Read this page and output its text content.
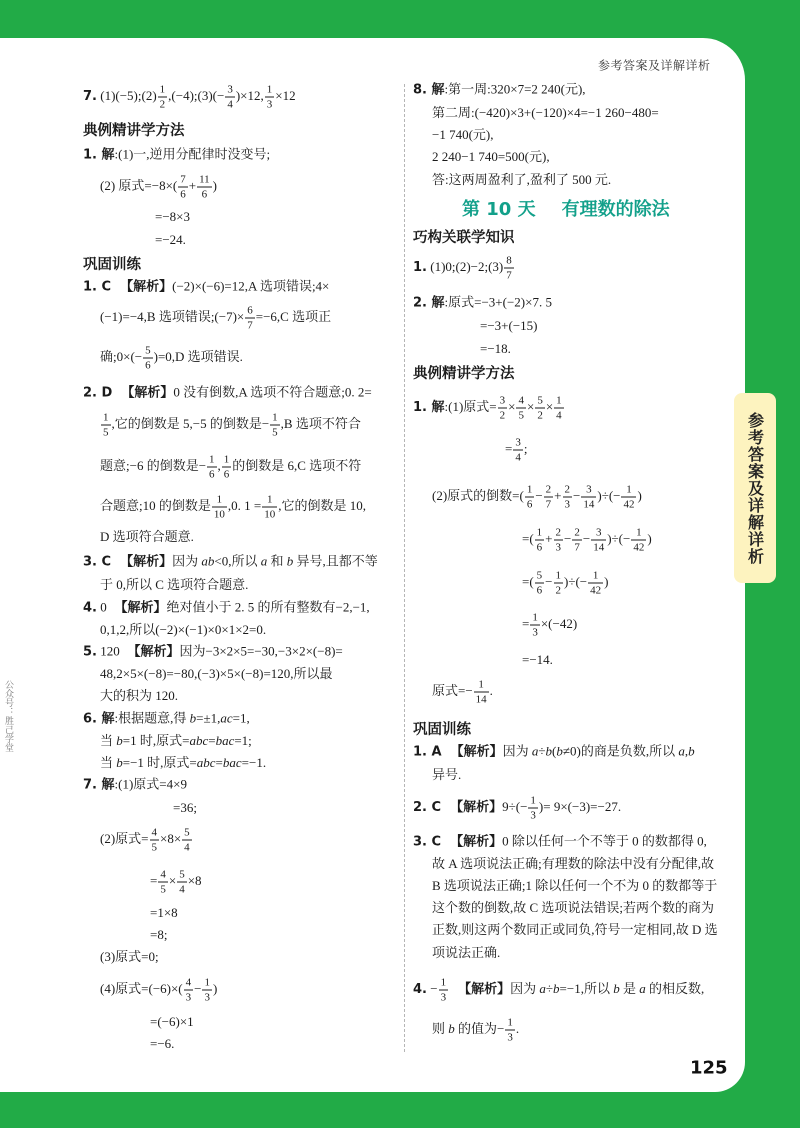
参考答案及详解详析
7. (1)(−5);(2) $\frac{1}{2}$ ,(−4);(3)(− $\frac{3}{4} )\times 12$, $\frac{1}{3} \times 12$
典例精讲学方法
1. 解:(1)一,逆用分配律时没变号;
(2) 原式$=-8\times( \frac{7}{6} + \frac{11}{6}$ )
=−8×3
=−24.
巩固训练
1. C  【解析】(−2)×(−6)=12,A 选项错误;4×
(−1)=−4,B 选项错误;(−7)× $\frac{6}{7} =-6,C$ 选项正
确;0×(− $\frac{5}{6} )=0,D$ 选项错误.
2. D  【解析】0 没有倒数,A 选项不符合题意;0. 2=
$\frac{1}{5}$ ,它的倒数是 5,−5 的倒数是− $\frac{1}{5} ,B$ 选项不符合
题意;−6 的倒数是− $\frac{1}{6}$ , $\frac{1}{6}$ 的倒数是 6,C 选项不符
合题意;10 的倒数是 $\frac{1}{10} ,0$. $1 = \frac{1}{10}$ ,它的倒数是 10,
D 选项符合题意.
3. C  【解析】因为 ab<0,所以 a 和 b 异号,且都不等
于 0,所以 C 选项符合题意.
4. 0  【解析】绝对值小于 2. 5 的所有整数有−2,−1,
0,1,2,所以(−2)×(−1)×0×1×2=0.
5. 120  【解析】因为−3×2×5=−30,−3×2×(−8)=
48,2×5×(−8)=−80,(−3)×5×(−8)=120,所以最
大的积为 120.
6. 解:根据题意,得 b=±1,ac=1,
当 b=1 时,原式=abc=bac=1;
当 b=−1 时,原式=abc=bac=−1.
7. 解:(1)原式=4×9
=36;
(2)原式= $\frac{4}{5} \times 8\times \frac{5}{4}$
= $\frac{4}{5} \times \frac{5}{4} \times 8$
=1×8
=8;
(3)原式=0;
(4)原式$=(-6)\times( \frac{4}{3} - \frac{1}{3}$ )
=(−6)×1
=−6.
8. 解:第一周:320×7=2 240(元),
第二周:(−420)×3+(−120)×4=−1 260−480=
−1 740(元),
2 240−1 740=500(元),
答:这两周盈利了,盈利了 500 元.
巧构关联学知识
1. (1)0;(2)−2;(3) $\frac{8}{7}$
2. 解:原式=−3+(−2)×7. 5
=−3+(−15)
=−18.
典例精讲学方法
1. 解:(1)原式= $\frac{3}{2} \times \frac{4}{5} \times \frac{5}{2} \times \frac{1}{4}$
= $\frac{3}{4}$ ;
(2)原式的倒数=( $\frac{1}{6} - \frac{2}{7} + \frac{2}{3} - \frac{3}{14}$ )÷(− $\frac{1}{42}$ )
=( $\frac{1}{6} + \frac{2}{3} - \frac{2}{7} - \frac{3}{14}$ )÷(− $\frac{1}{42}$ )
=( $\frac{5}{6} - \frac{1}{2}$ )÷(− $\frac{1}{42}$ )
= $\frac{1}{3} \times(-42)$
=−14.
原式=− $\frac{1}{14}$ .
巩固训练
1. A  【解析】因为 a÷b(b≠0)的商是负数,所以 a,b
异号.
2. C  【解析】$9\div(- \frac{1}{3}$ )= 9×(−3)=−27.
3. C  【解析】0 除以任何一个不等于 0 的数都得 0,
故 A 选项说法正确;有理数的除法中没有分配律,故
B 选项说法正确;1 除以任何一个不为 0 的数都等于
这个数的倒数,故 C 选项说法错误;若两个数的商为
正数,则这两个数同正或同负,符号一定相同,故 D 选
项说法正确.
4. − $\frac{1}{3}$ 【解析】因为 a÷b=−1,所以 b 是 a 的相反数,
则 b 的值为− $\frac{1}{3}$ .
第 10 天 有理数的除法
参考答案及详解详析
125
公众号：胜己学堂
